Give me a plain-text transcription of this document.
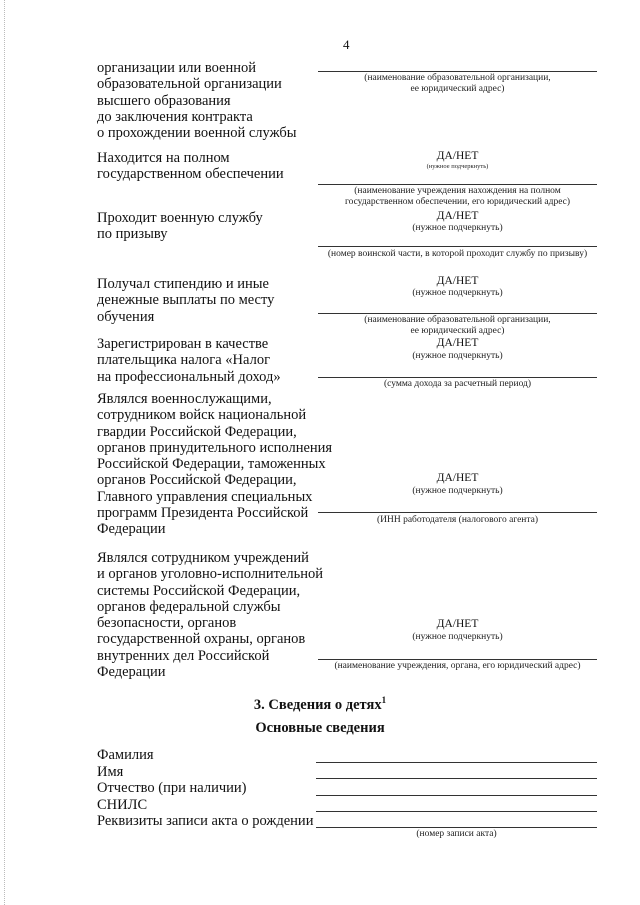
4
организации или военной
образовательной организации
высшего образования
до заключения контракта
о прохождении военной службы
(наименование образовательной организации,
ее юридический адрес)
Находится на полном
государственном обеспечении
ДА/НЕТ
(нужное подчеркнуть)
(наименование учреждения нахождения на полном
государственном обеспечении, его юридический адрес)
Проходит военную службу
по призыву
ДА/НЕТ
(нужное подчеркнуть)
(номер воинской части, в которой проходит службу по призыву)
Получал стипендию и иные
денежные выплаты по месту
обучения
ДА/НЕТ
(нужное подчеркнуть)
(наименование образовательной организации,
ее юридический адрес)
Зарегистрирован в качестве
плательщика налога «Налог
на профессиональный доход»
ДА/НЕТ
(нужное подчеркнуть)
(сумма дохода за расчетный период)
Являлся военнослужащими,
сотрудником войск национальной
гвардии Российской Федерации,
органов принудительного исполнения
Российской Федерации, таможенных
органов Российской Федерации,
Главного управления специальных
программ Президента Российской
Федерации
ДА/НЕТ
(нужное подчеркнуть)
(ИНН работодателя (налогового агента)
Являлся сотрудником учреждений
и органов уголовно-исполнительной
системы Российской Федерации,
органов федеральной службы
безопасности, органов
государственной охраны, органов
внутренних дел Российской
Федерации
ДА/НЕТ
(нужное подчеркнуть)
(наименование учреждения, органа, его юридический адрес)
3. Сведения о детях$^1$
Основные сведения
Фамилия
Имя
Отчество (при наличии)
СНИЛС
Реквизиты записи акта о рождении
(номер записи акта)
